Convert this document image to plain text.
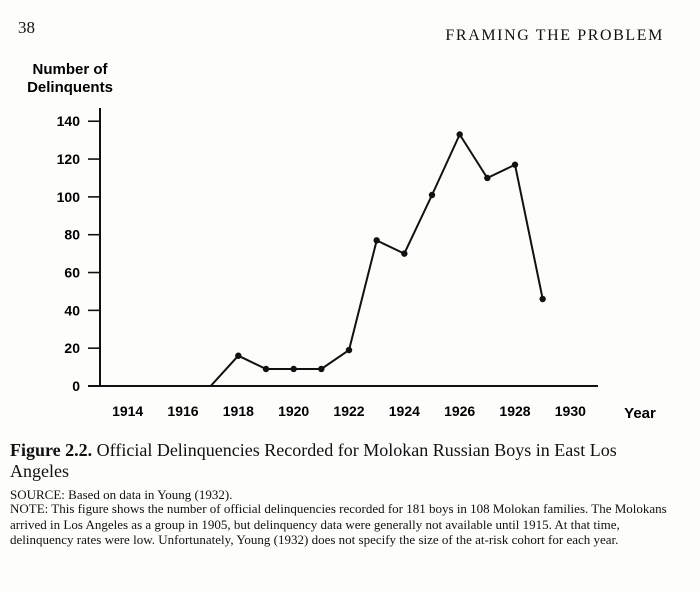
38	FRAMING THE PROBLEM
Number of
Delinquents
0
20
40
60
80
100
120
140
1914 1916 1918 1920 1922 1924 1926 1928 1930	Year
Figure 2.2. Official Delinquencies Recorded for Molokan Russian Boys in East Los Angeles
SOURCE: Based on data in Young (1932).
NOTE: This figure shows the number of official delinquencies recorded for 181 boys in 108 Molokan families. The Molokans arrived in Los Angeles as a group in 1905, but delinquency data were generally not available until 1915. At that time, delinquency rates were low. Unfortunately, Young (1932) does not specify the size of the at-risk cohort for each year.
